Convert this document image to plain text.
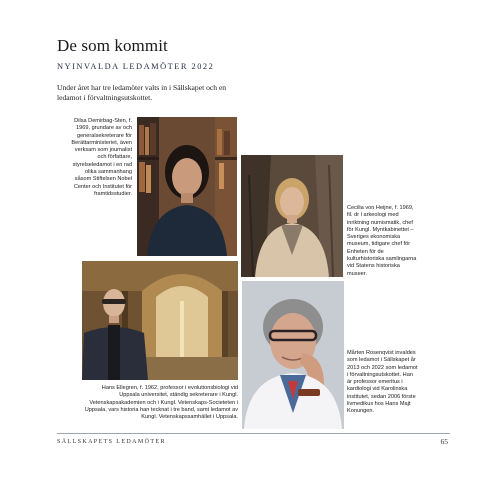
De som kommit
NYINVALDA LEDAMÖTER 2022

Under året har tre ledamöter valts in i Sällskapet och en ledamot i förvaltningsutskottet.

Dilsa Demirbag-Sten, f. 1969, grundare av och generalsekreterare för Berättarministeriet, även verksam som journalist och författare, styrelseledamot i en rad olika sammanhang såsom Stiftelsen Nobel Center och Institutet för framtidsstudier.

Cecilia von Heijne, f. 1969, fil. dr i arkeologi med inriktning numismatik, chef för Kungl. Myntkabinettet – Sveriges ekonomiska museum, tidigare chef för Enheten för de kulturhistoriska samlingarna vid Statens historiska museer.

Hans Ellegren, f. 1962, professor i evolutionsbiologi vid Uppsala universitet, ständig sekreterare i Kungl. Vetenskapsakademien och i Kungl. Vetenskaps-Societeten i Uppsala, vars historia han tecknat i tre band, samt ledamot av Kungl. Vetenskapssamhället i Uppsala.

Mårten Rosenqvist invaldes som ledamot i Sällskapet år 2013 och 2022 som ledamot i förvaltningsutskottet. Han är professor emeritus i kardiologi vid Karolinska institutet, sedan 2006 förste livmedikus hos Hans Majt Konungen.

SÄLLSKAPETS LEDAMÖTER	65
